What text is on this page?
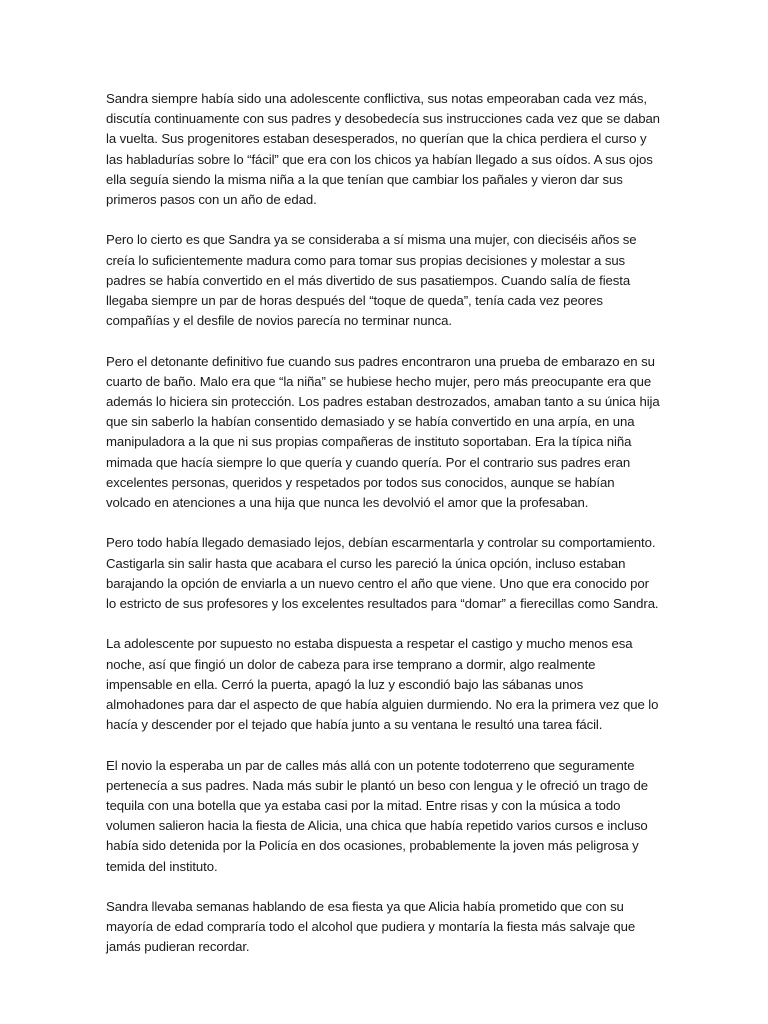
Sandra siempre había sido una adolescente conflictiva, sus notas empeoraban cada vez más, discutía continuamente con sus padres y desobedecía sus instrucciones cada vez que se daban la vuelta. Sus progenitores estaban desesperados, no querían que la chica perdiera el curso y las habladurías sobre lo “fácil” que era con los chicos ya habían llegado a sus oídos. A sus ojos ella seguía siendo la misma niña a la que tenían que cambiar los pañales y vieron dar sus primeros pasos con un año de edad.

Pero lo cierto es que Sandra ya se consideraba a sí misma una mujer, con dieciséis años se creía lo suficientemente madura como para tomar sus propias decisiones y molestar a sus padres se había convertido en el más divertido de sus pasatiempos. Cuando salía de fiesta llegaba siempre un par de horas después del “toque de queda”, tenía cada vez peores compañías y el desfile de novios parecía no terminar nunca.

Pero el detonante definitivo fue cuando sus padres encontraron una prueba de embarazo en su cuarto de baño. Malo era que “la niña” se hubiese hecho mujer, pero más preocupante era que además lo hiciera sin protección. Los padres estaban destrozados, amaban tanto a su única hija que sin saberlo la habían consentido demasiado y se había convertido en una arpía, en una manipuladora a la que ni sus propias compañeras de instituto soportaban. Era la típica niña mimada que hacía siempre lo que quería y cuando quería. Por el contrario sus padres eran excelentes personas, queridos y respetados por todos sus conocidos, aunque se habían volcado en atenciones a una hija que nunca les devolvió el amor que la profesaban.

Pero todo había llegado demasiado lejos, debían escarmentarla y controlar su comportamiento. Castigarla sin salir hasta que acabara el curso les pareció la única opción, incluso estaban barajando la opción de enviarla a un nuevo centro el año que viene. Uno que era conocido por lo estricto de sus profesores y los excelentes resultados para “domar” a fierecillas como Sandra.

La adolescente por supuesto no estaba dispuesta a respetar el castigo y mucho menos esa noche, así que fingió un dolor de cabeza para irse temprano a dormir, algo realmente impensable en ella. Cerró la puerta, apagó la luz y escondió bajo las sábanas unos almohadones para dar el aspecto de que había alguien durmiendo. No era la primera vez que lo hacía y descender por el tejado que había junto a su ventana le resultó una tarea fácil.

El novio la esperaba un par de calles más allá con un potente todoterreno que seguramente pertenecía a sus padres. Nada más subir le plantó un beso con lengua y le ofreció un trago de tequila con una botella que ya estaba casi por la mitad. Entre risas y con la música a todo volumen salieron hacia la fiesta de Alicia, una chica que había repetido varios cursos e incluso había sido detenida por la Policía en dos ocasiones, probablemente la joven más peligrosa y temida del instituto.

Sandra llevaba semanas hablando de esa fiesta ya que Alicia había prometido que con su mayoría de edad compraría todo el alcohol que pudiera y montaría la fiesta más salvaje que jamás pudieran recordar.
